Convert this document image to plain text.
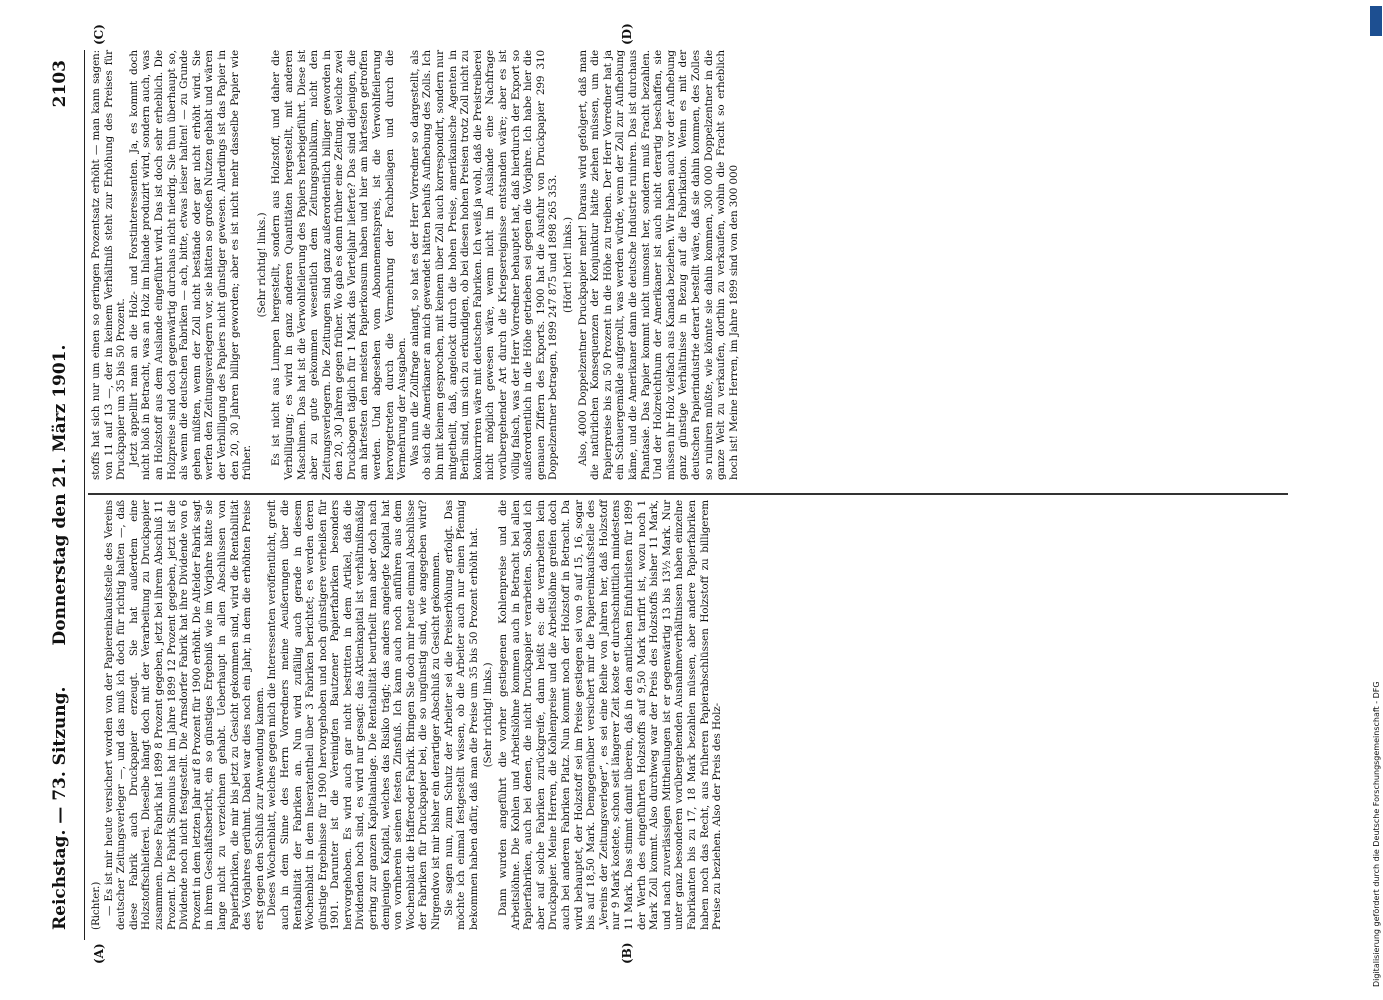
Reichstag. — 73. Sitzung.
Donnerstag den 21. März 1901.
2103
(A)	(B)
(C)	(D)

(Richter.) — Es ist mir heute versichert worden von der Papiereinkaufsstelle des Vereins deutscher Zeitungsverleger —, und das muß ich doch für richtig halten —, daß diese Fabrik auch Druckpapier erzeugt. Sie hat außerdem eine Holzstoffschleiferei. Dieselbe hängt doch mit der Verarbeitung zu Druckpapier zusammen. Diese Fabrik hat 1899 8 Prozent gegeben, jetzt bei ihrem Abschluß 11 Prozent. Die Fabrik Simonius hat im Jahre 1899 12 Prozent gegeben, jetzt ist die Dividende noch nicht festgestellt. Die Arnsdorfer Fabrik hat ihre Dividende von 6 Prozent in dem letzten Jahr auf 8 Prozent für 1900 erhöht. Die Alfelder Fabrik sagt in ihrem Geschäftsbericht, ein so günstiges Ergebniß wie im Vorjahre hätte sie lange nicht zu verzeichnen gehabt. Ueberhaupt in allen Abschlüssen von Papierfabriken, die mir bis jetzt zu Gesicht gekommen sind, wird die Rentabilität des Vorjahres gerühmt. Dabei war dies noch ein Jahr, in dem die erhöhten Preise erst gegen den Schluß zur Anwendung kamen. Dieses Wochenblatt, welches gegen mich die Interessenten veröffentlicht, greift auch in dem Sinne des Herrn Vorredners meine Aeußerungen über die Rentabilität der Fabriken an. Nun wird zufällig auch gerade in diesem Wochenblatt in dem Inseratentheil über 3 Fabriken berichtet; es werden deren günstige Ergebnisse für 1900 hervorgehoben und noch günstigere verheißen für 1901. Darunter ist die Vereinigten Bautzener Papierfabriken besonders hervorgehoben. Es wird auch gar nicht bestritten in dem Artikel, daß die Dividenden hoch sind, es wird nur gesagt: das Aktienkapital ist verhältnißmäßig gering zur ganzen Kapitalanlage. Die Rentabilität beurtheilt man aber doch nach demjenigen Kapital, welches das Risiko trägt; das anders angelegte Kapital hat von vornherein seinen festen Zinsfuß. Ich kann auch noch anführen aus dem Wochenblatt die Hafferoder Fabrik. Bringen Sie doch mir heute einmal Abschlüsse der Fabriken für Druckpapier bei, die so ungünstig sind, wie angegeben wird? Nirgendwo ist mir bisher ein derartiger Abschluß zu Gesicht gekommen. Sie sagen nun, zum Schutz der Arbeiter sei die Preiserhöhung erfolgt. Das möchte ich einmal festgestellt wissen, ob die Arbeiter auch nur einen Pfennig bekommen haben dafür, daß man die Preise um 35 bis 50 Prozent erhöht hat. (Sehr richtig! links.) Dann wurden angeführt die vorher gestiegenen Kohlenpreise und die Arbeitslöhne. Die Kohlen und Arbeitslöhne kommen auch in Betracht bei allen Papierfabriken, auch bei denen, die nicht Druckpapier verarbeiten. Sobald ich aber auf solche Fabriken zurückgreife, dann heißt es: die verarbeiten kein Druckpapier. Meine Herren, die Kohlenpreise und die Arbeitslöhne greifen doch auch bei anderen Fabriken Platz. Nun kommt noch der Holzstoff in Betracht. Da wird behauptet, der Holzstoff sei im Preise gestiegen sei von 9 auf 15, 16, sogar bis auf 18,50 Mark. Demgegenüber versichert mir die Papiereinkaufsstelle des „Vereins der Zeitungsverleger“, es sei eine Reihe von Jahren her, daß Holzstoff nur 9 Mark kostete, schon seit längerer Zeit koste er durchschnittlich mindestens 11 Mark. Das stimmt damit überein, daß in den amtlichen Einfuhrlisten für 1899 der Werth des eingeführten Holzstoffs auf 9,50 Mark tarifirt ist, wozu noch 1 Mark Zoll kommt. Also durchweg war der Preis des Holzstoffs bisher 11 Mark, und nach zuverlässigen Mittheilungen ist er gegenwärtig 13 bis 13½ Mark. Nur unter ganz besonderen vorübergehenden Ausnahmeverhältnissen haben einzelne Fabrikanten bis zu 17, 18 Mark bezahlen müssen, aber andere Papierfabriken haben noch das Recht, aus früheren Papierabschlüssen Holzstoff zu billigerem Preise zu beziehen. Also der Preis des Holz-

stoffs hat sich nur um einen so geringen Prozentsatz erhöht — man kann sagen: von 11 auf 13 —, der in keinem Verhältniß steht zur Erhöhung des Preises für Druckpapier um 35 bis 50 Prozent. Jetzt appellirt man an die Holz- und Forstinteressenten. Ja, es kommt doch nicht bloß in Betracht, was an Holz im Inlande produzirt wird, sondern auch, was an Holzstoff aus dem Auslande eingeführt wird. Das ist doch sehr erheblich. Die Holzpreise sind doch gegenwärtig durchaus nicht niedrig. Sie thun überhaupt so, als wenn die deutschen Fabriken — ach, bitte, etwas leiser halten! — zu Grunde gehen müßten, wenn der Zoll nicht bestände oder gar nicht erhöht wird. Sie werfen den Zeitungsverlegern vor, sie hätten so großen Nutzen gehabt und wären der Verbilligung des Papiers nicht günstiger gewesen. Allerdings ist das Papier in den 20, 30 Jahren billiger geworden; aber es ist nicht mehr dasselbe Papier wie früher.

(Sehr richtig! links.) Es ist nicht aus Lumpen hergestellt, sondern aus Holzstoff, und daher die Verbilligung; es wird in ganz anderen Quantitäten hergestellt, mit anderen Maschinen. Das hat ist die Verwohlfeilerung des Papiers herbeigeführt. Diese ist aber zu gute gekommen wesentlich dem Zeitungspublikum, nicht den Zeitungsverlegern. Die Zeitungen sind ganz außerordentlich billiger geworden in den 20, 30 Jahren gegen früher. Wo gab es denn früher eine Zeitung, welche zwei Druckbogen täglich für 1 Mark das Vierteljahr lieferte? Das sind diejenigen, die am härtesten den meisten Papierkonsum haben und hier am härtesten getroffen werden. Und abgesehen vom Abonnementspreis, ist die Verwohlfeilerung hervorgetreten durch die Vermehrung der Fachbeilagen und durch die Vermehrung der Ausgaben. Was nun die Zollfrage anlangt, so hat es der Herr Vorredner so dargestellt, als ob sich die Amerikaner an mich gewendet hätten behufs Aufhebung des Zolls. Ich bin mit keinem gesprochen, mit keinem über Zoll auch korrespondirt, sondern nur mitgetheilt, daß, angelockt durch die hohen Preise, amerikanische Agenten in Berlin sind, um sich zu erkundigen, ob bei diesen hohen Preisen trotz Zoll nicht zu konkurriren wäre mit deutschen Fabriken. Ich weiß ja wohl, daß die Preistreiberei nicht möglich gewesen wäre, wenn nicht im Auslande eine Nachfrage vorübergehender Art durch die Kriegsereignisse entstanden wäre; aber es ist völlig falsch, was der Herr Vorredner behauptet hat, daß hierdurch der Export so außerordentlich in die Höhe getrieben sei gegen die Vorjahre. Ich habe hier die genauen Ziffern des Exports. 1900 hat die Ausfuhr von Druckpapier 299 310 Doppelzentner betragen, 1899 247 875 und 1898 265 353. (Hört! hört! links.) Also, 4000 Doppelzentner Druckpapier mehr! Daraus wird gefolgert, daß man die natürlichen Konsequenzen der Konjunktur hätte ziehen müssen, um die Papierpreise bis zu 50 Prozent in die Höhe zu treiben. Der Herr Vorredner hat ja ein Schauergemälde aufgerollt, was werden würde, wenn der Zoll zur Aufhebung käme, und die Amerikaner dann die deutsche Industrie ruiniren. Das ist durchaus Phantasie. Das Papier kommt nicht umsonst her, sondern muß Fracht bezahlen. Und der Holzreichthum der Amerikaner ist auch nicht derartig beschaffen, sie müssen ihr Holz vielfach aus Kanada beziehen. Wir haben auch vor der Aufhebung ganz günstige Verhältnisse in Bezug auf die Fabrikation. Wenn es mit der deutschen Papierindustrie derart bestellt wäre, daß sie dahin kommen, des Zolles so ruiniren müßte, wie könnte sie dahin kommen, 300 000 Doppelzentner in die ganze Welt zu verkaufen, dorthin zu verkaufen, wohin die Fracht so erheblich hoch ist! Meine Herren, im Jahre 1899 sind von den 300 000

Digitalisierung gefördert durch die Deutsche Forschungsgemeinschaft - DFG
